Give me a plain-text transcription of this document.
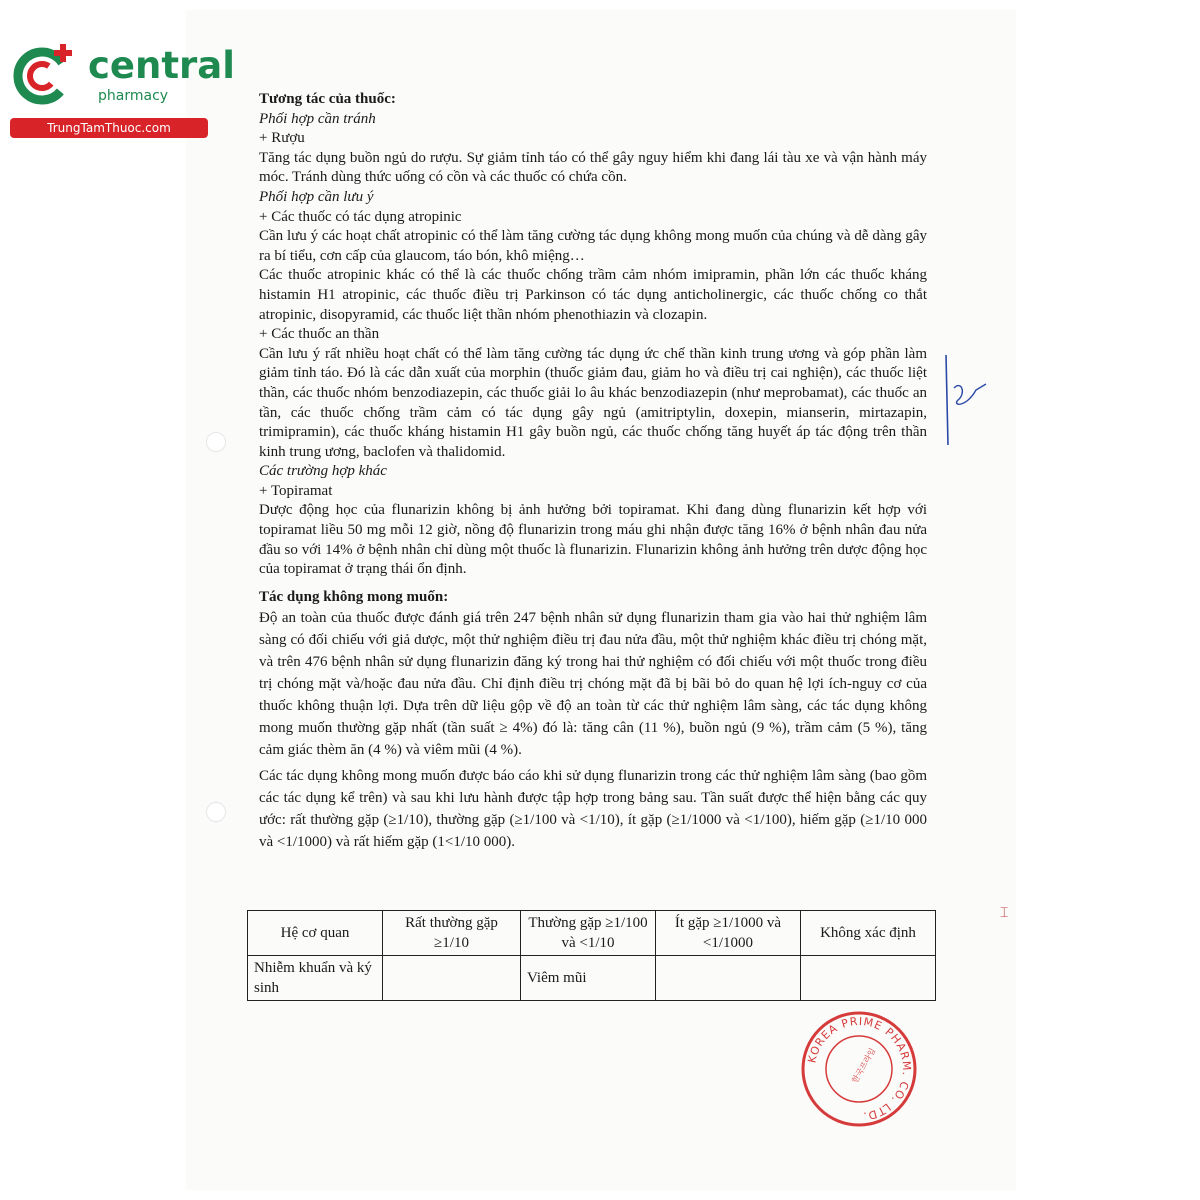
central
pharmacy
TrungTamThuoc.com
Tương tác của thuốc:
Phối hợp cần tránh
+ Rượu
Tăng tác dụng buồn ngủ do rượu. Sự giảm tỉnh táo có thể gây nguy hiểm khi đang lái tàu xe và vận hành máy móc. Tránh dùng thức uống có cồn và các thuốc có chứa cồn.
Phối hợp cần lưu ý
+ Các thuốc có tác dụng atropinic
Cần lưu ý các hoạt chất atropinic có thể làm tăng cường tác dụng không mong muốn của chúng và dễ dàng gây ra bí tiểu, cơn cấp của glaucom, táo bón, khô miệng…
Các thuốc atropinic khác có thể là các thuốc chống trầm cảm nhóm imipramin, phần lớn các thuốc kháng histamin H1 atropinic, các thuốc điều trị Parkinson có tác dụng anticholinergic, các thuốc chống co thắt atropinic, disopyramid, các thuốc liệt thần nhóm phenothiazin và clozapin.
+ Các thuốc an thần
Cần lưu ý rất nhiều hoạt chất có thể làm tăng cường tác dụng ức chế thần kinh trung ương và góp phần làm giảm tỉnh táo. Đó là các dẫn xuất của morphin (thuốc giảm đau, giảm ho và điều trị cai nghiện), các thuốc liệt thần, các thuốc nhóm benzodiazepin, các thuốc giải lo âu khác benzodiazepin (như meprobamat), các thuốc an tần, các thuốc chống trầm cảm có tác dụng gây ngủ (amitriptylin, doxepin, mianserin, mirtazapin, trimipramin), các thuốc kháng histamin H1 gây buồn ngủ, các thuốc chống tăng huyết áp tác động trên thần kinh trung ương, baclofen và thalidomid.
Các trường hợp khác
+ Topiramat
Dược động học của flunarizin không bị ảnh hưởng bởi topiramat. Khi đang dùng flunarizin kết hợp với topiramat liều 50 mg mỗi 12 giờ, nồng độ flunarizin trong máu ghi nhận được tăng 16% ở bệnh nhân đau nửa đầu so với 14% ở bệnh nhân chỉ dùng một thuốc là flunarizin. Flunarizin không ảnh hưởng trên dược động học của topiramat ở trạng thái ổn định.
Tác dụng không mong muốn:
Độ an toàn của thuốc được đánh giá trên 247 bệnh nhân sử dụng flunarizin tham gia vào hai thử nghiệm lâm sàng có đối chiếu với giả dược, một thử nghiệm điều trị đau nửa đầu, một thử nghiệm khác điều trị chóng mặt, và trên 476 bệnh nhân sử dụng flunarizin đăng ký trong hai thử nghiệm có đối chiếu với một thuốc trong điều trị chóng mặt và/hoặc đau nửa đầu. Chỉ định điều trị chóng mặt đã bị bãi bỏ do quan hệ lợi ích-nguy cơ của thuốc không thuận lợi. Dựa trên dữ liệu gộp về độ an toàn từ các thử nghiệm lâm sàng, các tác dụng không mong muốn thường gặp nhất (tần suất ≥ 4%) đó là: tăng cân (11 %), buồn ngủ (9 %), trầm cảm (5 %), tăng cảm giác thèm ăn (4 %) và viêm mũi (4 %).
Các tác dụng không mong muốn được báo cáo khi sử dụng flunarizin trong các thử nghiệm lâm sàng (bao gồm các tác dụng kể trên) và sau khi lưu hành được tập hợp trong bảng sau. Tần suất được thể hiện bằng các quy ước: rất thường gặp (≥1/10), thường gặp (≥1/100 và <1/10), ít gặp (≥1/1000 và <1/100), hiếm gặp (≥1/10 000 và <1/1000) và rất hiếm gặp (1<1/10 000).
Hệ cơ quan	Rất thường gặp ≥1/10	Thường gặp ≥1/100 và <1/10	Ít gặp ≥1/1000 và <1/1000	Không xác định
Nhiễm khuẩn và ký sinh		Viêm mũi		
KOREA PRIME PHARM. CO. LTD.
한국프라임
⌶
